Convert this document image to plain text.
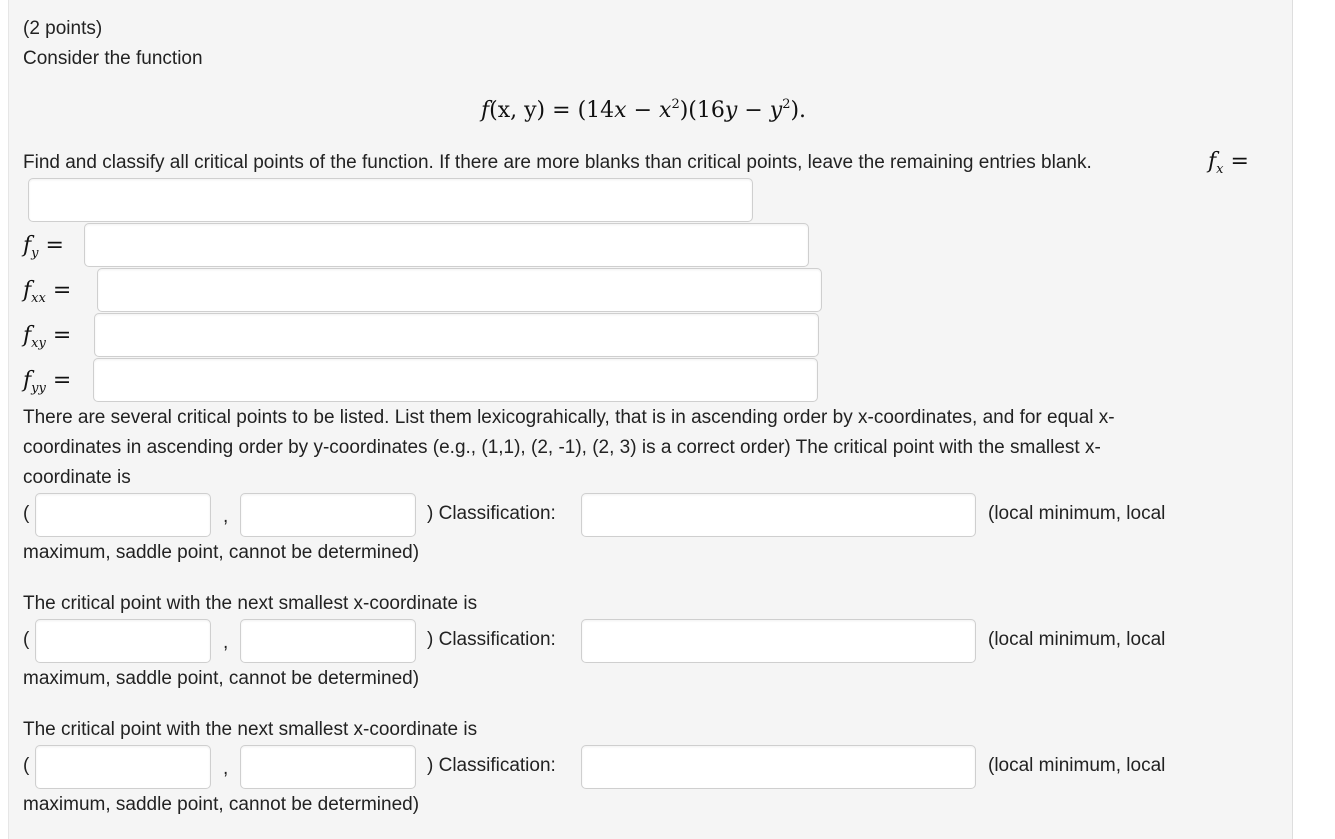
(2 points)
Consider the function
f(x, $y) = (14x - x^2)(16y - y^2)$.
Find and classify all critical points of the function. If there are more blanks than critical points, leave the remaining entries blank.	$f_x$ =
$f_y$ =
$f_{xx}$ =
$f_{xy}$ =
$f_{yy}$ =
There are several critical points to be listed. List them lexicograhically, that is in ascending order by x-coordinates, and for equal x-
coordinates in ascending order by y-coordinates (e.g., (1,1), (2, -1), (2, 3) is a correct order) The critical point with the smallest x-
coordinate is
(	,	) Classification:	(local minimum, local
maximum, saddle point, cannot be determined)
The critical point with the next smallest x-coordinate is
(	,	) Classification:	(local minimum, local
maximum, saddle point, cannot be determined)
The critical point with the next smallest x-coordinate is
(	,	) Classification:	(local minimum, local
maximum, saddle point, cannot be determined)
